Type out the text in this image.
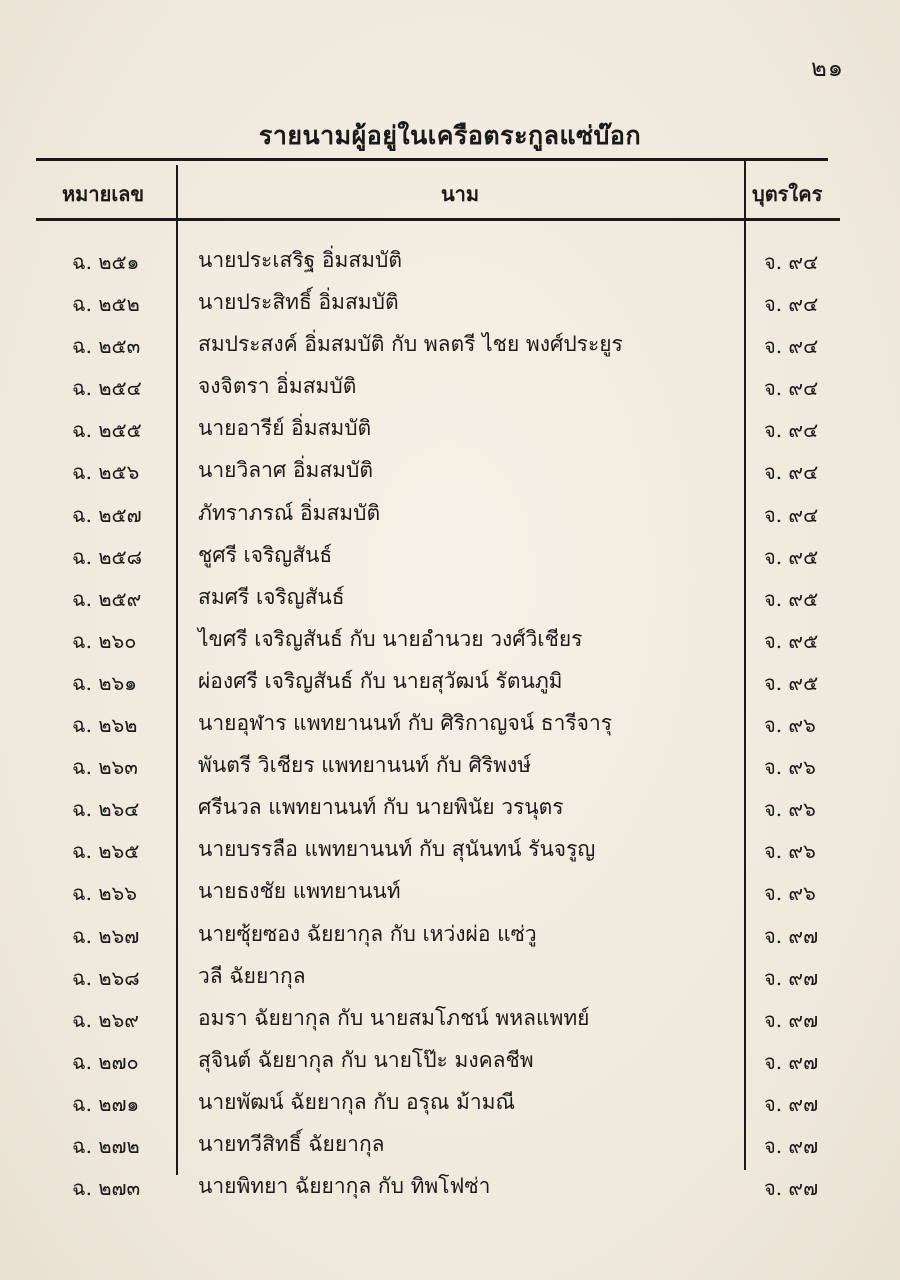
๒๑
รายนามผู้อยู่ในเครือตระกูลแซ่บ๊อก
หมายเลข	นาม	บุตรใคร
ฉ. ๒๕๑	นายประเสริฐ อิ่มสมบัติ	จ. ๙๔
ฉ. ๒๕๒	นายประสิทธิ์ อิ่มสมบัติ	จ. ๙๔
ฉ. ๒๕๓	สมประสงค์ อิ่มสมบัติ กับ พลตรี ไชย พงศ์ประยูร	จ. ๙๔
ฉ. ๒๕๔	จงจิตรา อิ่มสมบัติ	จ. ๙๔
ฉ. ๒๕๕	นายอารีย์ อิ่มสมบัติ	จ. ๙๔
ฉ. ๒๕๖	นายวิลาศ อิ่มสมบัติ	จ. ๙๔
ฉ. ๒๕๗	ภัทราภรณ์ อิ่มสมบัติ	จ. ๙๔
ฉ. ๒๕๘	ชูศรี เจริญสันธ์	จ. ๙๕
ฉ. ๒๕๙	สมศรี เจริญสันธ์	จ. ๙๕
ฉ. ๒๖๐	ไขศรี เจริญสันธ์ กับ นายอำนวย วงศ์วิเชียร	จ. ๙๕
ฉ. ๒๖๑	ผ่องศรี เจริญสันธ์ กับ นายสุวัฒน์ รัตนภูมิ	จ. ๙๕
ฉ. ๒๖๒	นายอุฬาร แพทยานนท์ กับ ศิริกาญจน์ ธารีจารุ	จ. ๙๖
ฉ. ๒๖๓	พันตรี วิเชียร แพทยานนท์ กับ ศิริพงษ์	จ. ๙๖
ฉ. ๒๖๔	ศรีนวล แพทยานนท์ กับ นายพินัย วรนุตร	จ. ๙๖
ฉ. ๒๖๕	นายบรรลือ แพทยานนท์ กับ สุนันทน์ รันจรูญ	จ. ๙๖
ฉ. ๒๖๖	นายธงชัย แพทยานนท์	จ. ๙๖
ฉ. ๒๖๗	นายซุ้ยซอง ฉัยยากุล กับ เหว่งผ่อ แซ่วู	จ. ๙๗
ฉ. ๒๖๘	วลี ฉัยยากุล	จ. ๙๗
ฉ. ๒๖๙	อมรา ฉัยยากุล กับ นายสมโภชน์ พหลแพทย์	จ. ๙๗
ฉ. ๒๗๐	สุจินต์ ฉัยยากุล กับ นายโป๊ะ มงคลชีพ	จ. ๙๗
ฉ. ๒๗๑	นายพัฒน์ ฉัยยากุล กับ อรุณ ม้ามณี	จ. ๙๗
ฉ. ๒๗๒	นายทวีสิทธิ์ ฉัยยากุล	จ. ๙๗
ฉ. ๒๗๓	นายพิทยา ฉัยยากุล กับ ทิพโฟซ่า	จ. ๙๗
